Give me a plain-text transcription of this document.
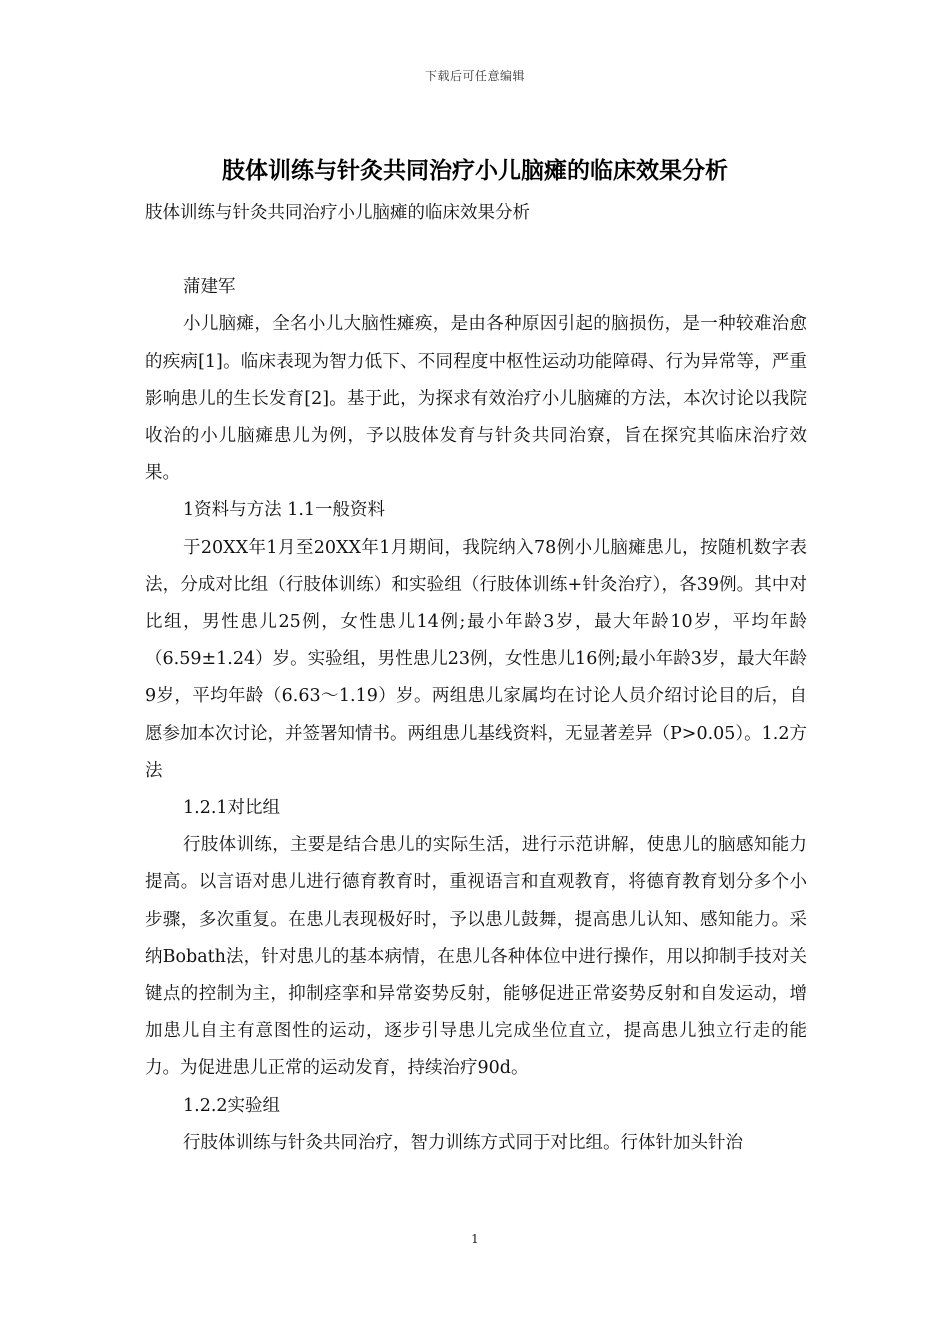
下载后可任意编辑
肢体训练与针灸共同治疗小儿脑瘫的临床效果分析

肢体训练与针灸共同治疗小儿脑瘫的临床效果分析

蒲建军

小儿脑瘫，全名小儿大脑性瘫痪，是由各种原因引起的脑损伤，是一种较难治愈的疾病[1]。临床表现为智力低下、不同程度中枢性运动功能障碍、行为异常等，严重影响患儿的生长发育[2]。基于此，为探求有效治疗小儿脑瘫的方法，本次讨论以我院收治的小儿脑瘫患儿为例，予以肢体发育与针灸共同治寮，旨在探究其临床治疗效果。

1资料与方法 1.1一般资料

于20XX年1月至20XX年1月期间，我院纳入78例小儿脑瘫患儿，按随机数字表法，分成对比组（行肢体训练）和实验组（行肢体训练+针灸治疗），各39例。其中对比组，男性患儿25例，女性患儿14例;最小年龄3岁，最大年龄10岁，平均年龄（6.59±1.24）岁。实验组，男性患儿23例，女性患儿16例;最小年龄3岁，最大年龄9岁，平均年龄（6.63～1.19）岁。两组患儿家属均在讨论人员介绍讨论目的后，自愿参加本次讨论，并签署知情书。两组患儿基线资料，无显著差异（P>0.05）。1.2方法

1.2.1对比组

行肢体训练，主要是结合患儿的实际生活，进行示范讲解，使患儿的脑感知能力提高。以言语对患儿进行德育教育时，重视语言和直观教育，将德育教育划分多个小步骤，多次重复。在患儿表现极好时，予以患儿鼓舞，提高患儿认知、感知能力。采纳Bobath法，针对患儿的基本病情，在患儿各种体位中进行操作，用以抑制手技对关键点的控制为主，抑制痉挛和异常姿势反射，能够促进正常姿势反射和自发运动，增加患儿自主有意图性的运动，逐步引导患儿完成坐位直立，提高患儿独立行走的能力。为促进患儿正常的运动发育，持续治疗90d。

1.2.2实验组

行肢体训练与针灸共同治疗，智力训练方式同于对比组。行体针加头针治

1
